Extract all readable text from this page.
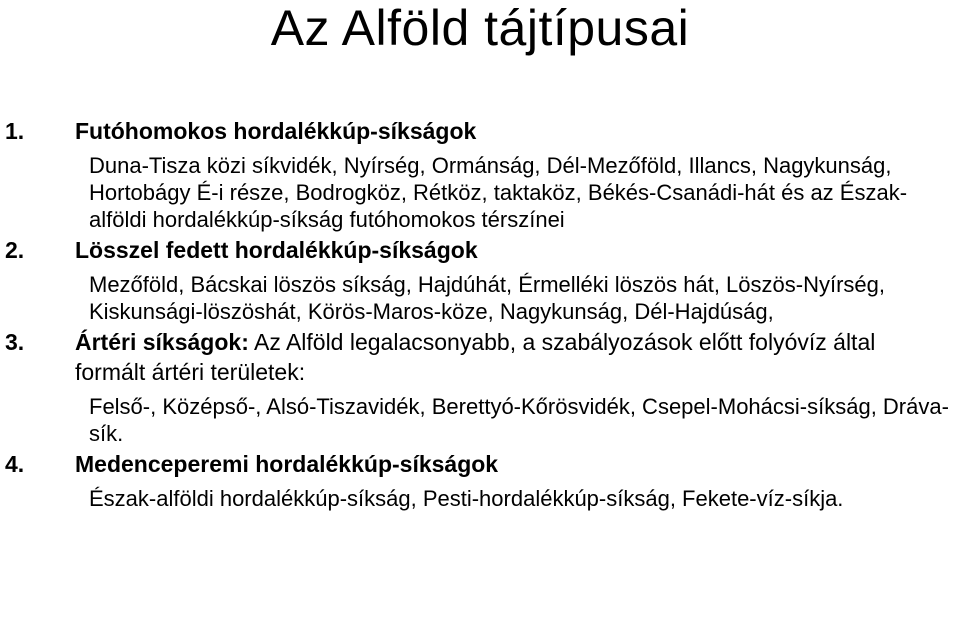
Az Alföld tájtípusai
1. Futóhomokos hordalékkúp-síkságok
Duna-Tisza közi síkvidék, Nyírség, Ormánság, Dél-Mezőföld, Illancs, Nagykunság, Hortobágy É-i része, Bodrogköz, Rétköz, taktaköz, Békés-Csanádi-hát és az Észak-alföldi hordalékkúp-síkság futóhomokos térszínei
2. Lösszel fedett hordalékkúp-síkságok
Mezőföld, Bácskai löszös síkság, Hajdúhát, Érmelléki löszös hát, Löszös-Nyírség, Kiskunsági-löszöshát, Körös-Maros-köze, Nagykunság, Dél-Hajdúság,
3. Ártéri síkságok: Az Alföld legalacsonyabb, a szabályozások előtt folyóvíz által formált ártéri területek:
Felső-, Középső-, Alsó-Tiszavidék, Berettyó-Kőrösvidék, Csepel-Mohácsi-síkság, Dráva-sík.
4. Medenceperemi hordalékkúp-síkságok
Észak-alföldi hordalékkúp-síkság, Pesti-hordalékkúp-síkság, Fekete-víz-síkja.
